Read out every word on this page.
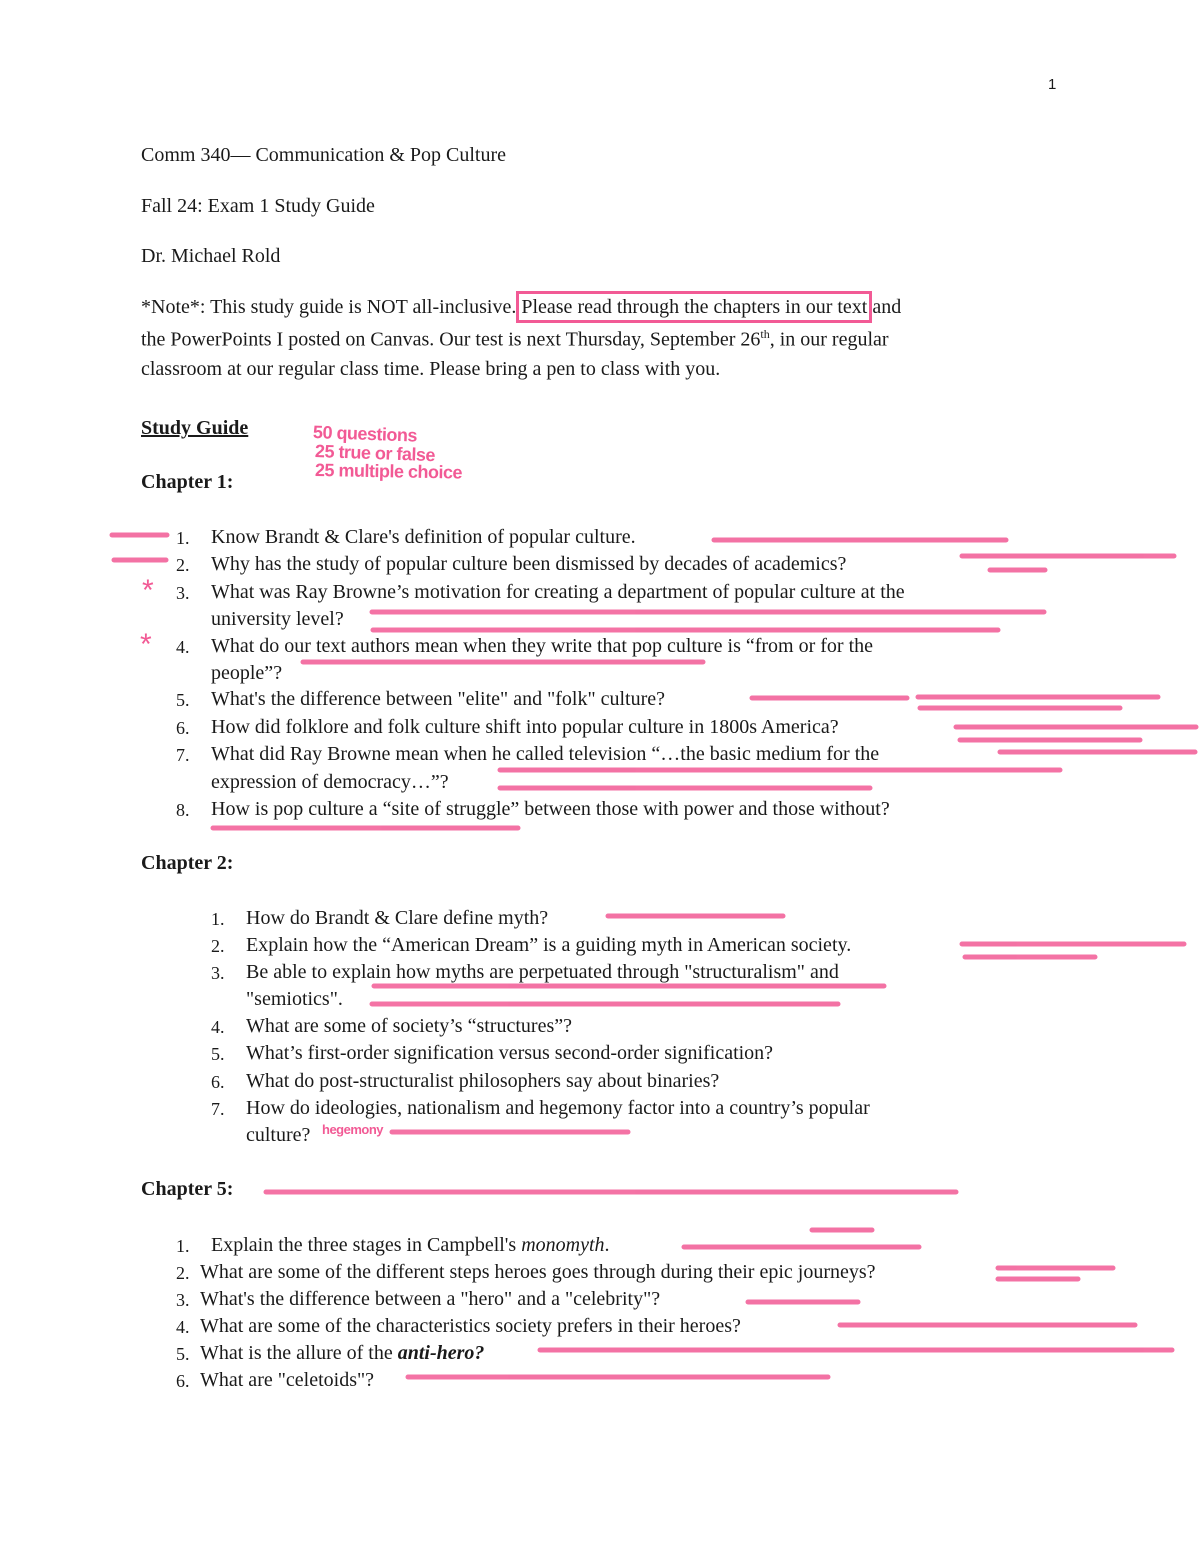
1
Comm 340— Communication & Pop Culture
Fall 24: Exam 1 Study Guide
Dr. Michael Rold
*Note*: This study guide is NOT all-inclusive. Please read through the chapters in our text and
the PowerPoints I posted on Canvas. Our test is next Thursday, September 26th, in our regular
classroom at our regular class time. Please bring a pen to class with you.
Study Guide	50 questions
25 true or false
25 multiple choice
Chapter 1:
1. Know Brandt & Clare's definition of popular culture.
2. Why has the study of popular culture been dismissed by decades of academics?
* 3. What was Ray Browne’s motivation for creating a department of popular culture at the
university level?
* 4. What do our text authors mean when they write that pop culture is “from or for the
people”?
5. What's the difference between "elite" and "folk" culture?
6. How did folklore and folk culture shift into popular culture in 1800s America?
7. What did Ray Browne mean when he called television “…the basic medium for the
expression of democracy…”?
8. How is pop culture a “site of struggle” between those with power and those without?
Chapter 2:
1. How do Brandt & Clare define myth?
2. Explain how the “American Dream” is a guiding myth in American society.
3. Be able to explain how myths are perpetuated through "structuralism" and
"semiotics".
4. What are some of society’s “structures”?
5. What’s first-order signification versus second-order signification?
6. What do post-structuralist philosophers say about binaries?
7. How do ideologies, nationalism and hegemony factor into a country’s popular
culture? hegemony
Chapter 5:
1. Explain the three stages in Campbell's monomyth.
2. What are some of the different steps heroes goes through during their epic journeys?
3. What's the difference between a "hero" and a "celebrity"?
4. What are some of the characteristics society prefers in their heroes?
5. What is the allure of the anti-hero?
6. What are "celetoids"?
